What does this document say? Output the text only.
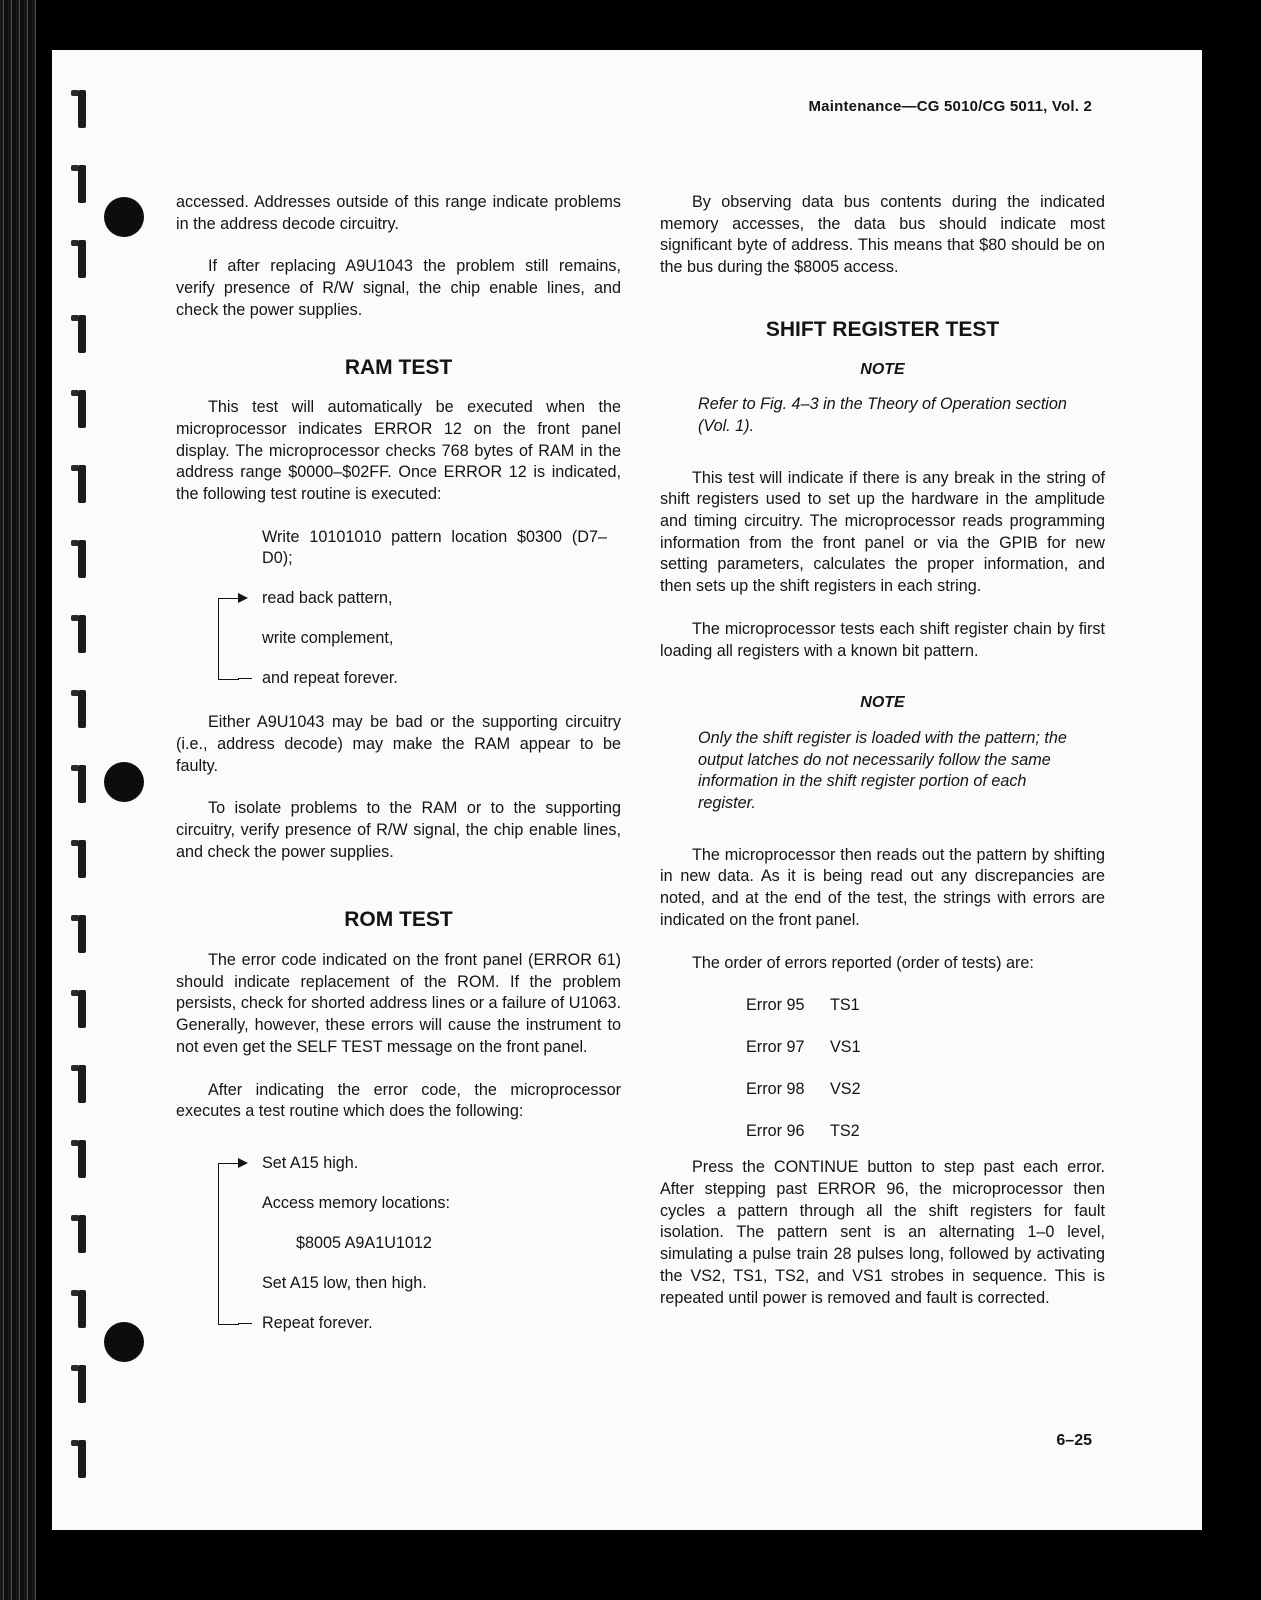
Maintenance—CG 5010/CG 5011, Vol. 2

accessed. Addresses outside of this range indicate problems in the address decode circuitry.

If after replacing A9U1043 the problem still remains, verify presence of R/W signal, the chip enable lines, and check the power supplies.

RAM TEST

This test will automatically be executed when the microprocessor indicates ERROR 12 on the front panel display. The microprocessor checks 768 bytes of RAM in the address range $0000–$02FF. Once ERROR 12 is indicated, the following test routine is executed:

Write 10101010 pattern location $0300 (D7–D0);
read back pattern,
write complement,
and repeat forever.

Either A9U1043 may be bad or the supporting circuitry (i.e., address decode) may make the RAM appear to be faulty.

To isolate problems to the RAM or to the supporting circuitry, verify presence of R/W signal, the chip enable lines, and check the power supplies.

ROM TEST

The error code indicated on the front panel (ERROR 61) should indicate replacement of the ROM. If the problem persists, check for shorted address lines or a failure of U1063. Generally, however, these errors will cause the instrument to not even get the SELF TEST message on the front panel.

After indicating the error code, the microprocessor executes a test routine which does the following:

Set A15 high.
Access memory locations:
$8005 A9A1U1012
Set A15 low, then high.
Repeat forever.

By observing data bus contents during the indicated memory accesses, the data bus should indicate most significant byte of address. This means that $80 should be on the bus during the $8005 access.

SHIFT REGISTER TEST
NOTE

Refer to Fig. 4–3 in the Theory of Operation section (Vol. 1).

This test will indicate if there is any break in the string of shift registers used to set up the hardware in the amplitude and timing circuitry. The microprocessor reads programming information from the front panel or via the GPIB for new setting parameters, calculates the proper information, and then sets up the shift registers in each string.

The microprocessor tests each shift register chain by first loading all registers with a known bit pattern.

NOTE

Only the shift register is loaded with the pattern; the output latches do not necessarily follow the same information in the shift register portion of each register.

The microprocessor then reads out the pattern by shifting in new data. As it is being read out any discrepancies are noted, and at the end of the test, the strings with errors are indicated on the front panel.

The order of errors reported (order of tests) are:

Error 95 TS1
Error 97 VS1
Error 98 VS2
Error 96 TS2

Press the CONTINUE button to step past each error. After stepping past ERROR 96, the microprocessor then cycles a pattern through all the shift registers for fault isolation. The pattern sent is an alternating 1–0 level, simulating a pulse train 28 pulses long, followed by activating the VS2, TS1, TS2, and VS1 strobes in sequence. This is repeated until power is removed and fault is corrected.

6–25
